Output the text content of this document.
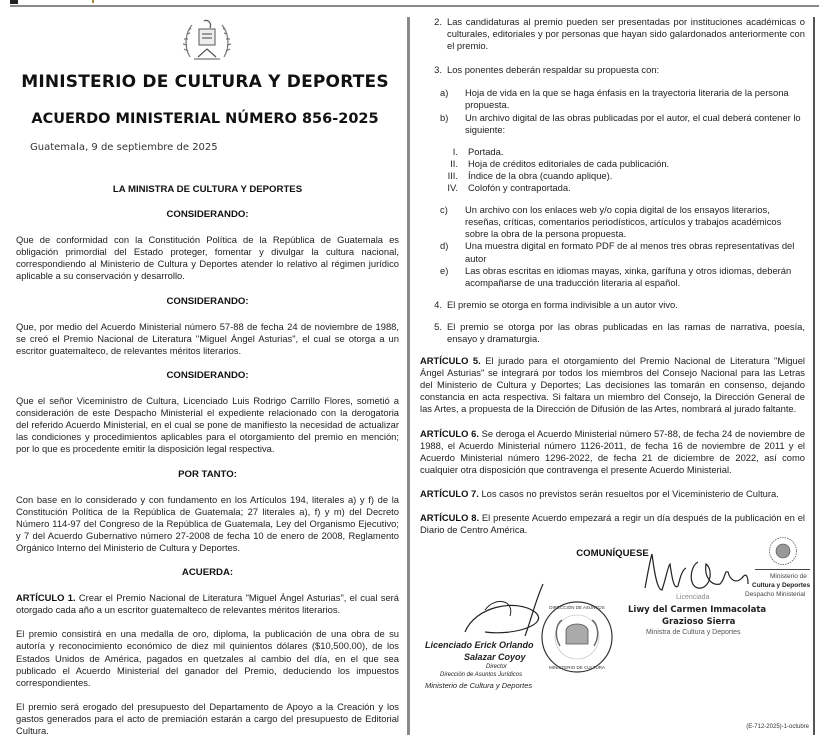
MINISTERIO DE CULTURA Y DEPORTES
ACUERDO MINISTERIAL NÚMERO 856-2025
Guatemala, 9 de septiembre de 2025
LA MINISTRA DE CULTURA Y DEPORTES
CONSIDERANDO:
Que de conformidad con la Constitución Política de la República de Guatemala es obligación primordial del Estado proteger, fomentar y divulgar la cultura nacional, correspondiendo al Ministerio de Cultura y Deportes atender lo relativo al régimen jurídico aplicable a su conservación y desarrollo.
CONSIDERANDO:
Que, por medio del Acuerdo Ministerial número 57-88 de fecha 24 de noviembre de 1988, se creó el Premio Nacional de Literatura "Miguel Ángel Asturias", el cual se otorga a un escritor guatemalteco, de relevantes méritos literarios.
CONSIDERANDO:
Que el señor Viceministro de Cultura, Licenciado Luis Rodrigo Carrillo Flores, sometió a consideración de este Despacho Ministerial el expediente relacionado con la derogatoria del referido Acuerdo Ministerial, en el cual se pone de manifiesto la necesidad de actualizar las condiciones y procedimientos aplicables para el otorgamiento del premio en mención; por lo que es procedente emitir la disposición legal respectiva.
POR TANTO:
Con base en lo considerado y con fundamento en los Artículos 194, literales a) y f) de la Constitución Política de la República de Guatemala; 27 literales a), f) y m) del Decreto Número 114-97 del Congreso de la República de Guatemala, Ley del Organismo Ejecutivo; y 7 del Acuerdo Gubernativo número 27-2008 de fecha 10 de enero de 2008, Reglamento Orgánico Interno del Ministerio de Cultura y Deportes.
ACUERDA:
ARTÍCULO 1. Crear el Premio Nacional de Literatura "Miguel Ángel Asturias", el cual será otorgado cada año a un escritor guatemalteco de relevantes méritos literarios.
El premio consistirá en una medalla de oro, diploma, la publicación de una obra de su autoría y reconocimiento económico de diez mil quinientos dólares ($10,500.00), de los Estados Unidos de América, pagados en quetzales al cambio del día, en el que sea publicado el Acuerdo Ministerial del ganador del Premio, deduciendo los impuestos correspondientes.
El premio será erogado del presupuesto del Departamento de Apoyo a la Creación y los gastos generados para el acto de premiación estarán a cargo del presupuesto de Editorial Cultura.
2. Las candidaturas al premio pueden ser presentadas por instituciones académicas o culturales, editoriales y por personas que hayan sido galardonados anteriormente con el premio.
3. Los ponentes deberán respaldar su propuesta con:
a)	Hoja de vida en la que se haga énfasis en la trayectoria literaria de la persona propuesta.
b)	Un archivo digital de las obras publicadas por el autor, el cual deberá contener lo siguiente:
I. Portada.
II. Hoja de créditos editoriales de cada publicación.
III. Índice de la obra (cuando aplique).
IV. Colofón y contraportada.
c)	Un archivo con los enlaces web y/o copia digital de los ensayos literarios, reseñas, críticas, comentarios periodísticos, artículos y trabajos académicos sobre la obra de la persona propuesta.
d)	Una muestra digital en formato PDF de al menos tres obras representativas del autor
e)	Las obras escritas en idiomas mayas, xinka, garífuna y otros idiomas, deberán acompañarse de una traducción literaria al español.
4. El premio se otorga en forma indivisible a un autor vivo.
5. El premio se otorga por las obras publicadas en las ramas de narrativa, poesía, ensayo y dramaturgia.
ARTÍCULO 5. El jurado para el otorgamiento del Premio Nacional de Literatura "Miguel Ángel Asturias" se integrará por todos los miembros del Consejo Nacional para las Letras del Ministerio de Cultura y Deportes; Las decisiones las tomarán en consenso, dejando constancia en acta respectiva. Si faltara un miembro del Consejo, la Dirección General de las Artes, a propuesta de la Dirección de Difusión de las Artes, nombrará al jurado faltante.
ARTÍCULO 6. Se deroga el Acuerdo Ministerial número 57-88, de fecha 24 de noviembre de 1988, el Acuerdo Ministerial número 1126-2011, de fecha 16 de noviembre de 2011 y el Acuerdo Ministerial número 1296-2022, de fecha 21 de diciembre de 2022, así como cualquier otra disposición que contravenga el presente Acuerdo Ministerial.
ARTÍCULO 7. Los casos no previstos serán resueltos por el Viceministerio de Cultura.
ARTÍCULO 8. El presente Acuerdo empezará a regir un día después de la publicación en el Diario de Centro América.
COMUNÍQUESE
Licenciado Erick Orlando
Salazar Coyoy
Director
Dirección de Asuntos Jurídicos
Ministerio de Cultura y Deportes
DIRECCIÓN DE ASUNTOS
MINISTERIO DE CULTURA
Licenciada
Liwy del Carmen Immacolata
Grazioso Sierra
Ministra de Cultura y Deportes
Ministerio de
Cultura y Deportes
Despacho Ministerial
(E-712-2025)-1-octubre
